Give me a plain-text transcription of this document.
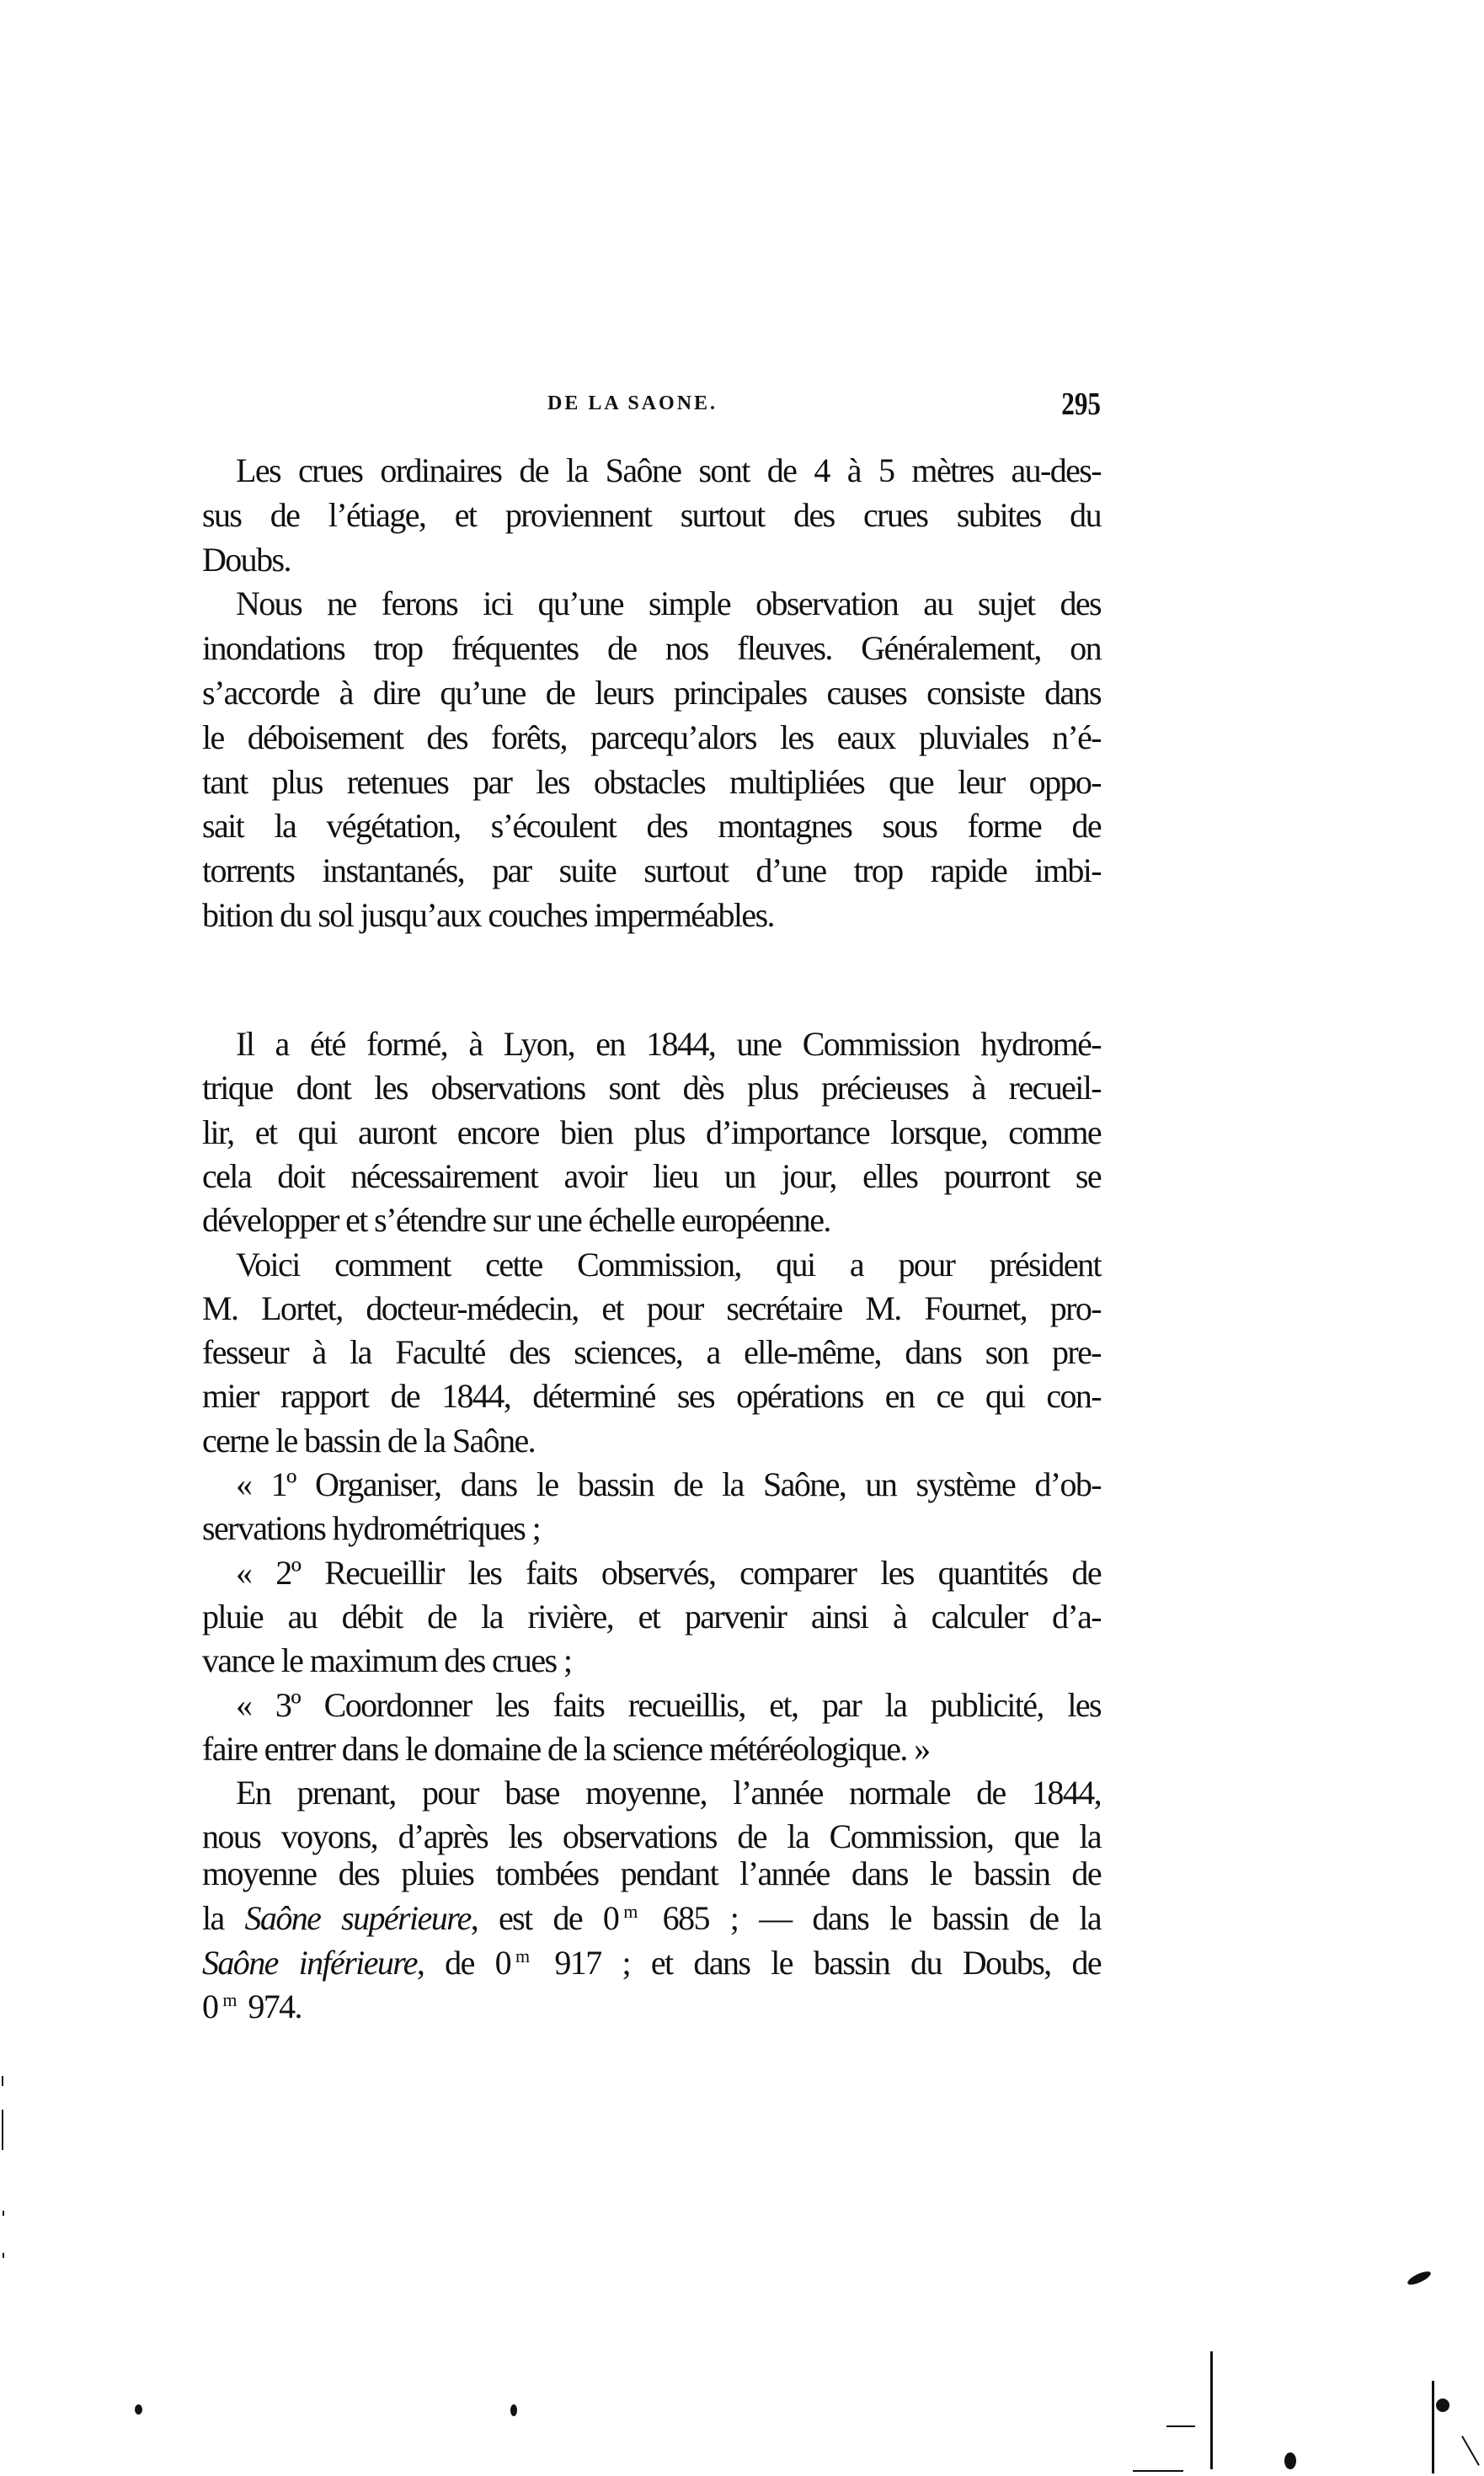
DE LA SAONE.	295
Les crues ordinaires de la Saône sont de 4 à 5 mètres au-des-
sus de l’étiage, et proviennent surtout des crues subites du
Doubs.
Nous ne ferons ici qu’une simple observation au sujet des
inondations trop fréquentes de nos fleuves. Généralement, on
s’accorde à dire qu’une de leurs principales causes consiste dans
le déboisement des forêts, parcequ’alors les eaux pluviales n’é-
tant plus retenues par les obstacles multipliées que leur oppo-
sait la végétation, s’écoulent des montagnes sous forme de
torrents instantanés, par suite surtout d’une trop rapide imbi-
bition du sol jusqu’aux couches imperméables.
Il a été formé, à Lyon, en 1844, une Commission hydromé-
trique dont les observations sont dès plus précieuses à recueil-
lir, et qui auront encore bien plus d’importance lorsque, comme
cela doit nécessairement avoir lieu un jour, elles pourront se
développer et s’étendre sur une échelle européenne.
Voici comment cette Commission, qui a pour président
M. Lortet, docteur-médecin, et pour secrétaire M. Fournet, pro-
fesseur à la Faculté des sciences, a elle-même, dans son pre-
mier rapport de 1844, déterminé ses opérations en ce qui con-
cerne le bassin de la Saône.
« 1º Organiser, dans le bassin de la Saône, un système d’ob-
servations hydrométriques ;
« 2º Recueillir les faits observés, comparer les quantités de
pluie au débit de la rivière, et parvenir ainsi à calculer d’a-
vance le maximum des crues ;
« 3º Coordonner les faits recueillis, et, par la publicité, les
faire entrer dans le domaine de la science météréologique. »
En prenant, pour base moyenne, l’année normale de 1844,
nous voyons, d’après les observations de la Commission, que la
moyenne des pluies tombées pendant l’année dans le bassin de
la Saône supérieure, est de 0 $^m$ 685 ; — dans le bassin de la
Saône inférieure, de 0 $^m$ 917 ; et dans le bassin du Doubs, de
0 $^m$ 974.
